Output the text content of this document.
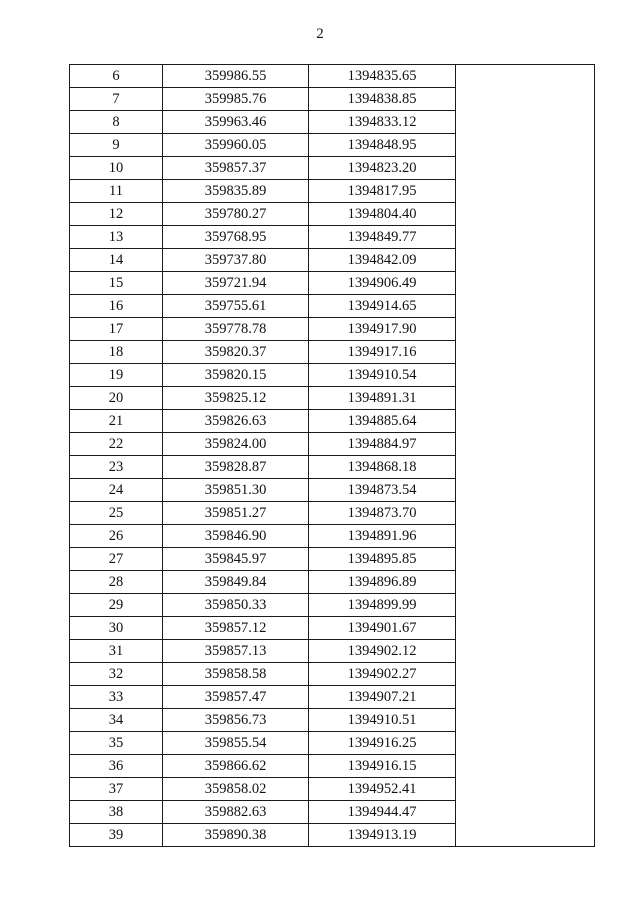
2
6	359986.55	1394835.65
7	359985.76	1394838.85
8	359963.46	1394833.12
9	359960.05	1394848.95
10	359857.37	1394823.20
11	359835.89	1394817.95
12	359780.27	1394804.40
13	359768.95	1394849.77
14	359737.80	1394842.09
15	359721.94	1394906.49
16	359755.61	1394914.65
17	359778.78	1394917.90
18	359820.37	1394917.16
19	359820.15	1394910.54
20	359825.12	1394891.31
21	359826.63	1394885.64
22	359824.00	1394884.97
23	359828.87	1394868.18
24	359851.30	1394873.54
25	359851.27	1394873.70
26	359846.90	1394891.96
27	359845.97	1394895.85
28	359849.84	1394896.89
29	359850.33	1394899.99
30	359857.12	1394901.67
31	359857.13	1394902.12
32	359858.58	1394902.27
33	359857.47	1394907.21
34	359856.73	1394910.51
35	359855.54	1394916.25
36	359866.62	1394916.15
37	359858.02	1394952.41
38	359882.63	1394944.47
39	359890.38	1394913.19
